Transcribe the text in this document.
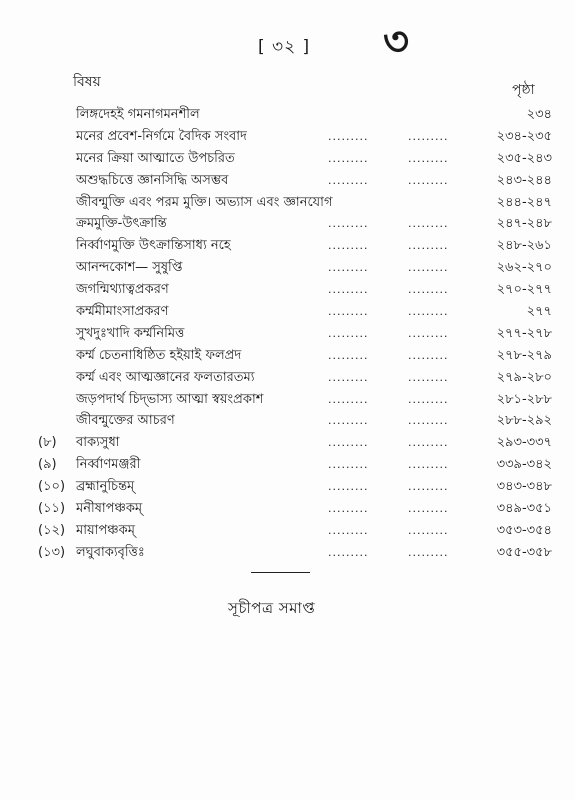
[ ৩২ ] ৩
বিষয়	পৃষ্ঠা
লিঙ্গদেহই গমনাগমনশীল	২৩৪
মনের প্রবেশ-নির্গমে বৈদিক সংবাদ	.........	.........	২৩৪-২৩৫
মনের ক্রিয়া আত্মাতে উপচরিত	.........	.........	২৩৫-২৪৩
অশুদ্ধচিত্তে জ্ঞানসিদ্ধি অসম্ভব	.........	.........	২৪৩-২৪৪
জীবন্মুক্তি এবং পরম মুক্তি। অভ্যাস এবং জ্ঞানযোগ	২৪৪-২৪৭
ক্রমমুক্তি-উৎক্রান্তি	.........	.........	২৪৭-২৪৮
নির্ব্বাণমুক্তি উৎক্রান্তিসাধ্য নহে	.........	.........	২৪৮-২৬১
আনন্দকোশ— সুষুপ্তি	.........	.........	২৬২-২৭০
জগন্মিথ্যাত্বপ্রকরণ	.........	.........	২৭০-২৭৭
কর্ম্মমীমাংসাপ্রকরণ	.........	.........	২৭৭
সুখদুঃখাদি কর্ম্মনিমিত্ত	.........	.........	২৭৭-২৭৮
কর্ম্ম চেতনাধিষ্ঠিত হইয়াই ফলপ্রদ	.........	.........	২৭৮-২৭৯
কর্ম্ম এবং আত্মজ্ঞানের ফলতারতম্য	.........	.........	২৭৯-২৮০
জড়পদার্থ চিদ্‌ভাস্য আত্মা স্বয়ংপ্রকাশ	.........	.........	২৮১-২৮৮
জীবন্মুক্তের আচরণ	.........	.........	২৮৮-২৯২
(৮) বাক্যসুধা	.........	.........	২৯৩-৩৩৭
(৯) নির্ব্বাণমঞ্জরী	.........	.........	৩৩৯-৩৪২
(১০) ব্রহ্মানুচিন্তম্	.........	.........	৩৪৩-৩৪৮
(১১) মনীষাপঞ্চকম্	.........	.........	৩৪৯-৩৫১
(১২) মায়াপঞ্চকম্	.........	.........	৩৫৩-৩৫৪
(১৩) লঘুবাক্যবৃত্তিঃ	.........	.........	৩৫৫-৩৫৮
সূচীপত্র সমাপ্ত
